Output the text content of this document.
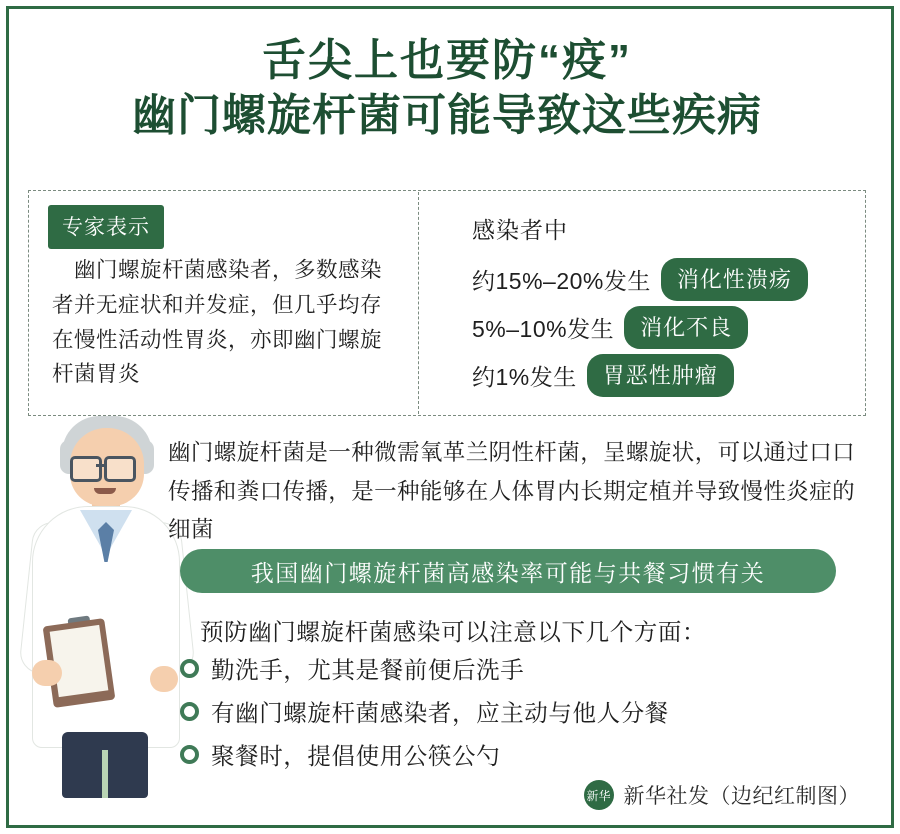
舌尖上也要防“疫”
幽门螺旋杆菌可能导致这些疾病
专家表示
幽门螺旋杆菌感染者，多数感染者并无症状和并发症，但几乎均存在慢性活动性胃炎，亦即幽门螺旋杆菌胃炎
感染者中
约15%–20%发生	消化性溃疡
5%–10%发生	消化不良
约1%发生	胃恶性肿瘤
幽门螺旋杆菌是一种微需氧革兰阴性杆菌，呈螺旋状，可以通过口口传播和粪口传播，是一种能够在人体胃内长期定植并导致慢性炎症的细菌
我国幽门螺旋杆菌高感染率可能与共餐习惯有关
预防幽门螺旋杆菌感染可以注意以下几个方面：
勤洗手，尤其是餐前便后洗手
有幽门螺旋杆菌感染者，应主动与他人分餐
聚餐时，提倡使用公筷公勺
新华 新华社发（边纪红制图）
